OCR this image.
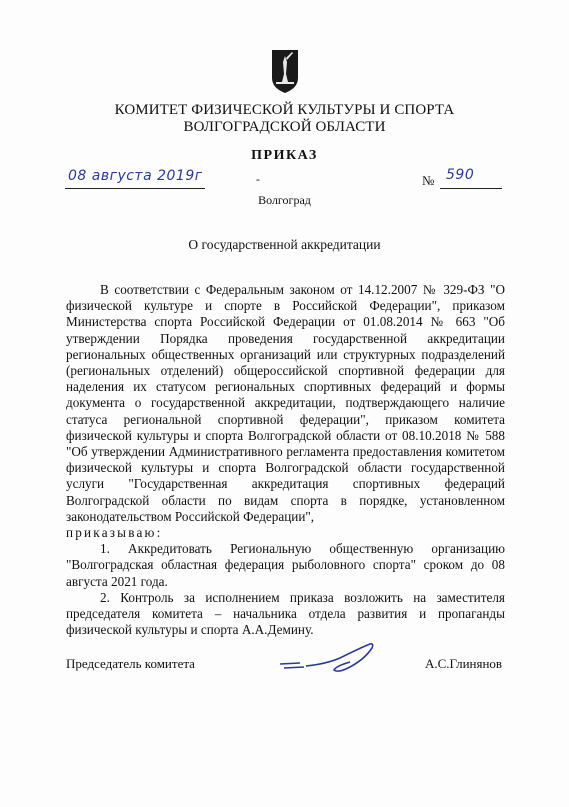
КОМИТЕТ ФИЗИЧЕСКОЙ КУЛЬТУРЫ И СПОРТА
ВОЛГОГРАДСКОЙ ОБЛАСТИ
ПРИКАЗ
08 августа 2019г	-	№ 590
Волгоград
О государственной аккредитации

В соответствии с Федеральным законом от 14.12.2007 № 329-ФЗ "О физической культуре и спорте в Российской Федерации", приказом Министерства спорта Российской Федерации от 01.08.2014 № 663 "Об утверждении Порядка проведения государственной аккредитации региональных общественных организаций или структурных подразделений (региональных отделений) общероссийской спортивной федерации для наделения их статусом региональных спортивных федераций и формы документа о государственной аккредитации, подтверждающего наличие статуса региональной спортивной федерации", приказом комитета физической культуры и спорта Волгоградской области от 08.10.2018 № 588 "Об утверждении Административного регламента предоставления комитетом физической культуры и спорта Волгоградской области государственной услуги "Государственная аккредитация спортивных федераций Волгоградской области по видам спорта в порядке, установленном законодательством Российской Федерации",

приказываю:

1. Аккредитовать Региональную общественную организацию "Волгоградская областная федерация рыболовного спорта" сроком до 08 августа 2021 года.

2. Контроль за исполнением приказа возложить на заместителя председателя комитета – начальника отдела развития и пропаганды физической культуры и спорта А.А.Демину.

Председатель комитета	А.С.Глинянов
